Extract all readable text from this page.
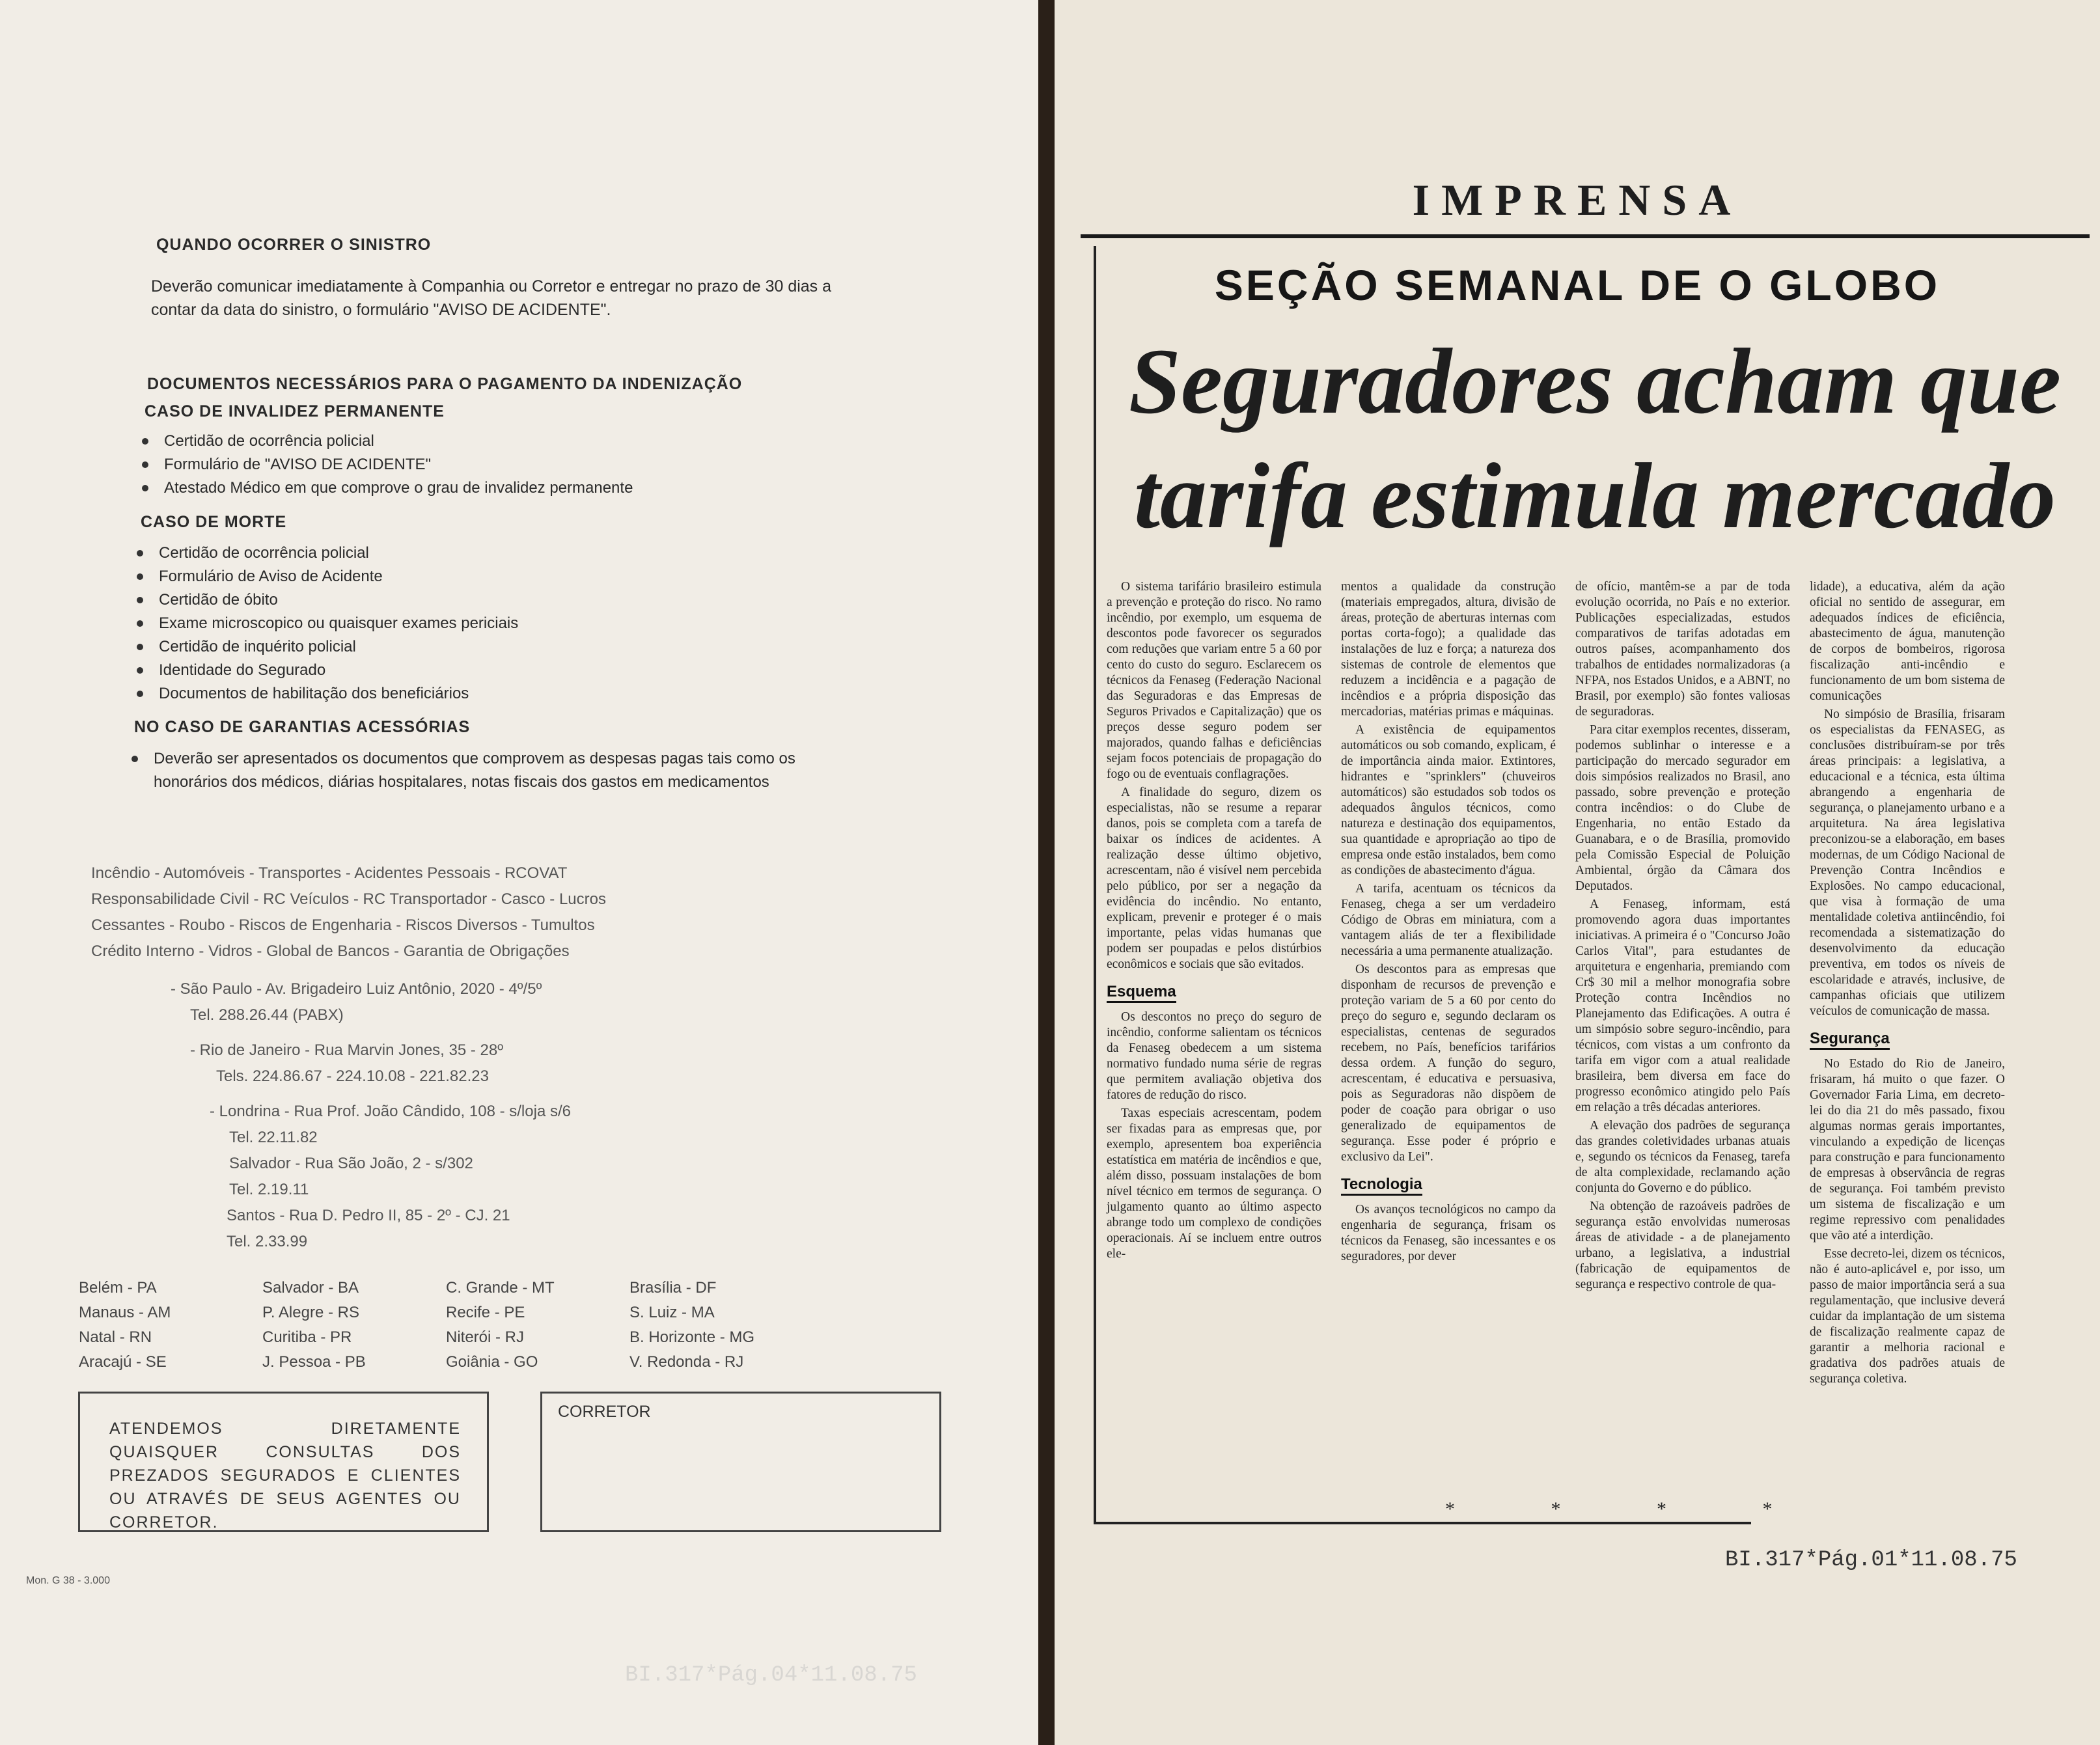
QUANDO OCORRER O SINISTRO
Deverão comunicar imediatamente à Companhia ou Corretor e entregar no prazo de 30 dias a contar da data do sinistro, o formulário "AVISO DE ACIDENTE".
DOCUMENTOS NECESSÁRIOS PARA O PAGAMENTO DA INDENIZAÇÃO
CASO DE INVALIDEZ PERMANENTE
Certidão de ocorrência policial
Formulário de "AVISO DE ACIDENTE"
Atestado Médico em que comprove o grau de invalidez permanente
CASO DE MORTE
Certidão de ocorrência policial
Formulário de Aviso de Acidente
Certidão de óbito
Exame microscopico ou quaisquer exames periciais
Certidão de inquérito policial
Identidade do Segurado
Documentos de habilitação dos beneficiários
NO CASO DE GARANTIAS ACESSÓRIAS
Deverão ser apresentados os documentos que comprovem as despesas pagas tais como os honorários dos médicos, diárias hospitalares, notas fiscais dos gastos em medicamentos
Incêndio - Automóveis - Transportes - Acidentes Pessoais - RCOVAT
Responsabilidade Civil - RC Veículos - RC Transportador - Casco - Lucros
Cessantes - Roubo - Riscos de Engenharia - Riscos Diversos - Tumultos
Crédito Interno - Vidros - Global de Bancos - Garantia de Obrigações
- São Paulo - Av. Brigadeiro Luiz Antônio, 2020 - 4º/5º
Tel. 288.26.44 (PABX)
- Rio de Janeiro - Rua Marvin Jones, 35 - 28º
Tels. 224.86.67 - 224.10.08 - 221.82.23
- Londrina - Rua Prof. João Cândido, 108 - s/loja s/6
Tel. 22.11.82
Salvador - Rua São João, 2 - s/302
Tel. 2.19.11
Santos - Rua D. Pedro II, 85 - 2º - CJ. 21
Tel. 2.33.99
Belém - PA	Salvador - BA	C. Grande - MT	Brasília - DF
Manaus - AM	P. Alegre - RS	Recife - PE	S. Luiz - MA
Natal - RN	Curitiba - PR	Niterói - RJ	B. Horizonte - MG
Aracajú - SE	J. Pessoa - PB	Goiânia - GO	V. Redonda - RJ
ATENDEMOS DIRETAMENTE QUAISQUER CONSULTAS DOS PREZADOS SEGURADOS E CLIENTES OU ATRAVÉS DE SEUS AGENTES OU CORRETOR.
CORRETOR
Mon. G 38 - 3.000
BI.317*Pág.04*11.08.75
IMPRENSA
SEÇÃO SEMANAL DE O GLOBO
Seguradores acham que
tarifa estimula mercado

O sistema tarifário brasileiro estimula a prevenção e proteção do risco. No ramo incêndio, por exemplo, um esquema de descontos pode favorecer os segurados com reduções que variam entre 5 a 60 por cento do custo do seguro. Esclarecem os técnicos da Fenaseg (Federação Nacional das Seguradoras e das Empresas de Seguros Privados e Capitalização) que os preços desse seguro podem ser majorados, quando falhas e deficiências sejam focos potenciais de propagação do fogo ou de eventuais conflagrações.

A finalidade do seguro, dizem os especialistas, não se resume a reparar danos, pois se completa com a tarefa de baixar os índices de acidentes. A realização desse último objetivo, acrescentam, não é visível nem percebida pelo público, por ser a negação da evidência do incêndio. No entanto, explicam, prevenir e proteger é o mais importante, pelas vidas humanas que podem ser poupadas e pelos distúrbios econômicos e sociais que são evitados.

Esquema

Os descontos no preço do seguro de incêndio, conforme salientam os técnicos da Fenaseg obedecem a um sistema normativo fundado numa série de regras que permitem avaliação objetiva dos fatores de redução do risco.

Taxas especiais acrescentam, podem ser fixadas para as empresas que, por exemplo, apresentem boa experiência estatística em matéria de incêndios e que, além disso, possuam instalações de bom nível técnico em termos de segurança. O julgamento quanto ao último aspecto abrange todo um complexo de condições operacionais. Aí se incluem entre outros ele-

mentos a qualidade da construção (materiais empregados, altura, divisão de áreas, proteção de aberturas internas com portas corta-fogo); a qualidade das instalações de luz e força; a natureza dos sistemas de controle de elementos que reduzem a incidência e a pagação de incêndios e a própria disposição das mercadorias, matérias primas e máquinas.

A existência de equipamentos automáticos ou sob comando, explicam, é de importância ainda maior. Extintores, hidrantes e "sprinklers" (chuveiros automáticos) são estudados sob todos os adequados ângulos técnicos, como natureza e destinação dos equipamentos, sua quantidade e apropriação ao tipo de empresa onde estão instalados, bem como as condições de abastecimento d'água.

A tarifa, acentuam os técnicos da Fenaseg, chega a ser um verdadeiro Código de Obras em miniatura, com a vantagem aliás de ter a flexibilidade necessária a uma permanente atualização.

Os descontos para as empresas que disponham de recursos de prevenção e proteção variam de 5 a 60 por cento do preço do seguro e, segundo declaram os especialistas, centenas de segurados recebem, no País, benefícios tarifários dessa ordem. A função do seguro, acrescentam, é educativa e persuasiva, pois as Seguradoras não dispõem de poder de coação para obrigar o uso generalizado de equipamentos de segurança. Esse poder é próprio e exclusivo da Lei".

Tecnologia

Os avanços tecnológicos no campo da engenharia de segurança, frisam os técnicos da Fenaseg, são incessantes e os seguradores, por dever

de ofício, mantêm-se a par de toda evolução ocorrida, no País e no exterior. Publicações especializadas, estudos comparativos de tarifas adotadas em outros países, acompanhamento dos trabalhos de entidades normalizadoras (a NFPA, nos Estados Unidos, e a ABNT, no Brasil, por exemplo) são fontes valiosas de seguradoras.

Para citar exemplos recentes, disseram, podemos sublinhar o interesse e a participação do mercado segurador em dois simpósios realizados no Brasil, ano passado, sobre prevenção e proteção contra incêndios: o do Clube de Engenharia, no então Estado da Guanabara, e o de Brasília, promovido pela Comissão Especial de Poluição Ambiental, órgão da Câmara dos Deputados.

A Fenaseg, informam, está promovendo agora duas importantes iniciativas. A primeira é o "Concurso João Carlos Vital", para estudantes de arquitetura e engenharia, premiando com Cr$ 30 mil a melhor monografia sobre Proteção contra Incêndios no Planejamento das Edificações. A outra é um simpósio sobre seguro-incêndio, para técnicos, com vistas a um confronto da tarifa em vigor com a atual realidade brasileira, bem diversa em face do progresso econômico atingido pelo País em relação a três décadas anteriores.

A elevação dos padrões de segurança das grandes coletividades urbanas atuais e, segundo os técnicos da Fenaseg, tarefa de alta complexidade, reclamando ação conjunta do Governo e do público.

Na obtenção de razoáveis padrões de segurança estão envolvidas numerosas áreas de atividade - a de planejamento urbano, a legislativa, a industrial (fabricação de equipamentos de segurança e respectivo controle de qua-

lidade), a educativa, além da ação oficial no sentido de assegurar, em adequados índices de eficiência, abastecimento de água, manutenção de corpos de bombeiros, rigorosa fiscalização anti-incêndio e funcionamento de um bom sistema de comunicações

No simpósio de Brasília, frisaram os especialistas da FENASEG, as conclusões distribuíram-se por três áreas principais: a legislativa, a educacional e a técnica, esta última abrangendo a engenharia de segurança, o planejamento urbano e a arquitetura. Na área legislativa preconizou-se a elaboração, em bases modernas, de um Código Nacional de Prevenção Contra Incêndios e Explosões. No campo educacional, que visa à formação de uma mentalidade coletiva antiincêndio, foi recomendada a sistematização do desenvolvimento da educação preventiva, em todos os níveis de escolaridade e através, inclusive, de campanhas oficiais que utilizem veículos de comunicação de massa.

Segurança

No Estado do Rio de Janeiro, frisaram, há muito o que fazer. O Governador Faria Lima, em decreto-lei do dia 21 do mês passado, fixou algumas normas gerais importantes, vinculando a expedição de licenças para construção e para funcionamento de empresas à observância de regras de segurança. Foi também previsto um sistema de fiscalização e um regime repressivo com penalidades que vão até a interdição.

Esse decreto-lei, dizem os técnicos, não é auto-aplicável e, por isso, um passo de maior importância será a sua regulamentação, que inclusive deverá cuidar da implantação de um sistema de fiscalização realmente capaz de garantir a melhoria racional e gradativa dos padrões atuais de segurança coletiva.

* * * *
BI.317*Pág.01*11.08.75
